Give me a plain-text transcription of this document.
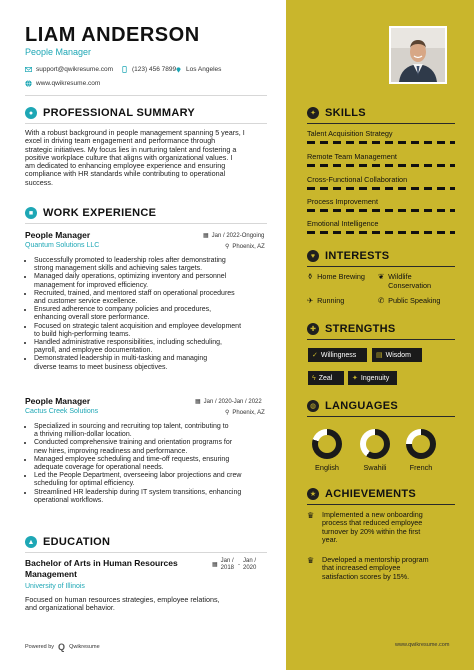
LIAM ANDERSON
People Manager
support@qwikresume.com	(123) 456 7899 Los Angeles
www.qwikresume.com
● PROFESSIONAL SUMMARY
With a robust background in people management spanning 5 years, I
excel in driving team engagement and performance through
strategic initiatives. My focus lies in nurturing talent and fostering a
positive workplace culture that aligns with organizational values. I
am dedicated to enhancing employee experience and ensuring
compliance with HR standards while contributing to operational
success.
■ WORK EXPERIENCE
People Manager
Quantum Solutions LLC
▦ Jan / 2022-Ongoing
⚲ Phoenix, AZ
• Successfully promoted to leadership roles after demonstrating
strong management skills and achieving sales targets.
• Managed daily operations, optimizing inventory and personnel
management for improved efficiency.
• Recruited, trained, and mentored staff on operational procedures
and customer service excellence.
• Ensured adherence to company policies and procedures,
enhancing overall store performance.
• Focused on strategic talent acquisition and employee development
to build high-performing teams.
• Handled administrative responsibilities, including scheduling,
payroll, and employee documentation.
• Demonstrated leadership in multi-tasking and managing
diverse teams to meet business objectives.
People Manager
Cactus Creek Solutions
▦ Jan / 2020-Jan / 2022
⚲ Phoenix, AZ
• Specialized in sourcing and recruiting top talent, contributing to
a thriving million-dollar location.
• Conducted comprehensive training and orientation programs for
new hires, improving readiness and performance.
• Managed employee scheduling and time-off requests, ensuring
adequate coverage for operational needs.
• Led the People Department, overseeing labor projections and crew
scheduling for optimal efficiency.
• Streamlined HR leadership during IT system transitions, enhancing
operational workflows.
▲ EDUCATION
Bachelor of Arts in Human Resources
Management
University of Illinois
▦
Jan /
2018
-
Jan /
2020
Focused on human resources strategies, employee relations,
and organizational behavior.
Powered by Q Qwikresume	www.qwikresume.com
✦ SKILLS
Talent Acquisition Strategy
Remote Team Management
Cross-Functional Collaboration
Process Improvement
Emotional Intelligence
♥ INTERESTS
⚱ Home Brewing ❦ Wildlife
Conservation
✈ Running	✆ Public Speaking
✚ STRENGTHS
✓ Willingness	▤ Wisdom
ϟ Zeal	✦ Ingenuity
◍ LANGUAGES
English	Swahili	French
★ ACHIEVEMENTS
♛ Implemented a new onboarding
process that reduced employee
turnover by 20% within the first
year.
♛ Developed a mentorship program
that increased employee
satisfaction scores by 15%.
